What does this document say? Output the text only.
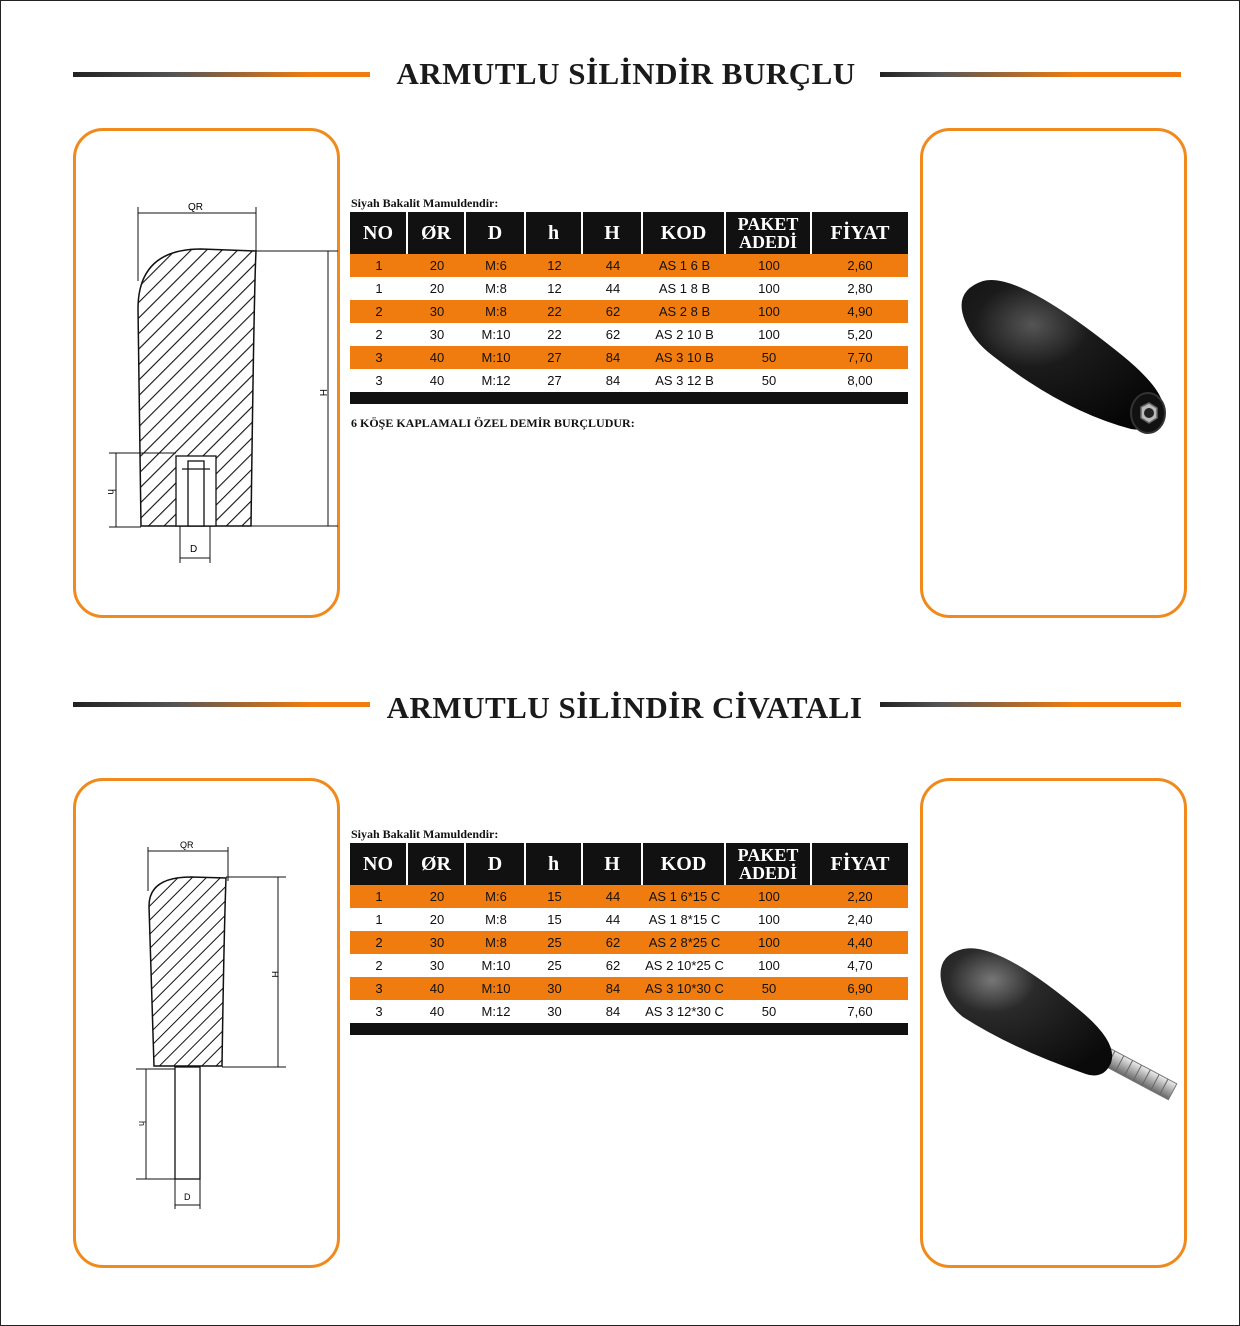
ARMUTLU SİLİNDİR BURÇLU
QR
H
h
D
Siyah Bakalit Mamuldendir:
NO	ØR	D	h	H	KOD	PAKET ADEDİ	FİYAT
1	20	M:6	12	44	AS 1 6 B	100	2,60
1	20	M:8	12	44	AS 1 8 B	100	2,80
2	30	M:8	22	62	AS 2 8 B	100	4,90
2	30	M:10	22	62	AS 2 10 B	100	5,20
3	40	M:10	27	84	AS 3 10 B	50	7,70
3	40	M:12	27	84	AS 3 12 B	50	8,00

6 KÖŞE KAPLAMALI ÖZEL DEMİR BURÇLUDUR:
ARMUTLU SİLİNDİR CİVATALI
QR
H
h
D
Siyah Bakalit Mamuldendir:
NO	ØR	D	h	H	KOD	PAKET ADEDİ	FİYAT
1	20	M:6	15	44	AS 1 6*15 C	100	2,20
1	20	M:8	15	44	AS 1 8*15 C	100	2,40
2	30	M:8	25	62	AS 2 8*25 C	100	4,40
2	30	M:10	25	62	AS 2 10*25 C	100	4,70
3	40	M:10	30	84	AS 3 10*30 C	50	6,90
3	40	M:12	30	84	AS 3 12*30 C	50	7,60
